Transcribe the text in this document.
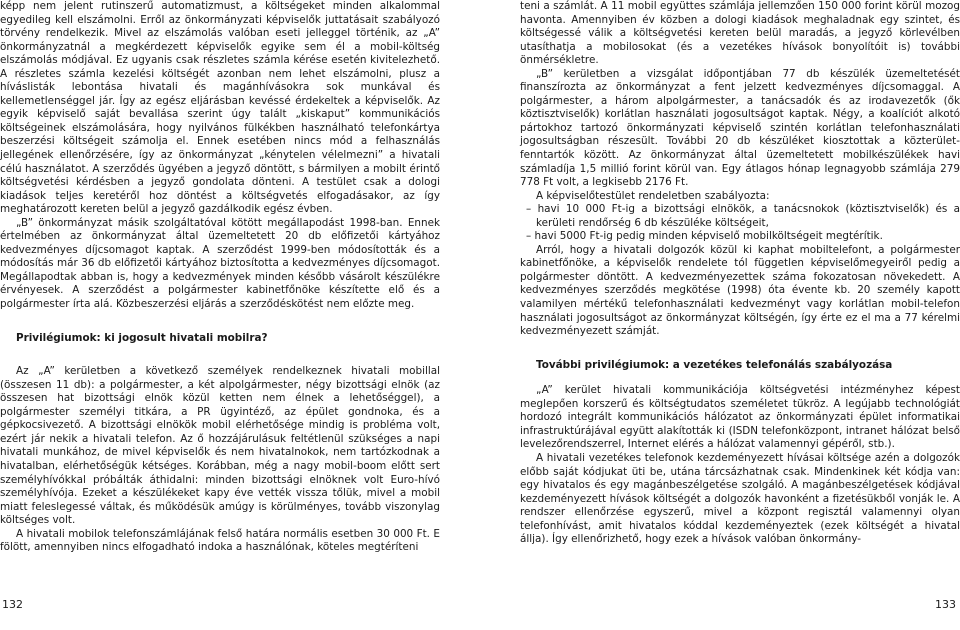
képp nem jelent rutinszerű automatizmust, a költségeket minden alkalommal egyedileg kell elszámolni. Erről az önkormányzati képviselők juttatásait szabályozó törvény rendelkezik. Mivel az elszámolás valóban eseti jelleggel történik, az „A” önkormányzatnál a megkérdezett képviselők egyike sem él a mobil-költség elszámolás módjával. Ez ugyanis csak részletes számla kérése esetén kivitelezhető. A részletes számla kezelési költségét azonban nem lehet elszámolni, plusz a híváslisták lebontása hivatali és magánhívásokra sok munkával és kellemetlenséggel jár. Így az egész eljárásban kevéssé érdekeltek a képviselők. Az egyik képviselő saját bevallása szerint úgy talált „kiskaput” kommunikációs költségeinek elszámolására, hogy nyilvános fülkékben használható telefonkártya beszerzési költségeit számolja el. Ennek esetében nincs mód a felhasználás jellegének ellenőrzésére, így az önkormányzat „kénytelen vélelmezni” a hivatali célú használatot. A szerződés ügyében a jegyző döntött, s bármilyen a mobilt érintő költségvetési kérdésben a jegyző gondolata dönteni. A testület csak a dologi kiadások teljes keretéről hoz döntést a költségvetés elfogadásakor, az így meghatározott kereten belül a jegyző gazdálkodik egész évben.

„B” önkormányzat másik szolgáltatóval kötött megállapodást 1998-ban. Ennek értelmében az önkormányzat által üzemeltetett 20 db előfizetői kártyához kedvezményes díjcsomagot kaptak. A szerződést 1999-ben módosították és a módosítás már 36 db előfizetői kártyához biztosította a kedvezményes díjcsomagot. Megállapodtak abban is, hogy a kedvezmények minden később vásárolt készülékre érvényesek. A szerződést a polgármester kabinetfőnöke készítette elő és a polgármester írta alá. Közbeszerzési eljárás a szerződéskötést nem előzte meg.

Privilégiumok: ki jogosult hivatali mobilra?

Az „A” kerületben a következő személyek rendelkeznek hivatali mobillal (összesen 11 db): a polgármester, a két alpolgármester, négy bizottsági elnök (az összesen hat bizottsági elnök közül ketten nem élnek a lehetőséggel), a polgármester személyi titkára, a PR ügyintéző, az épület gondnoka, és a gépkocsivezető. A bizottsági elnökök mobil elérhetősége mindig is probléma volt, ezért jár nekik a hivatali telefon. Az ő hozzájárulásuk feltétlenül szükséges a napi hivatali munkához, de mivel képviselők és nem hivatalnokok, nem tartózkodnak a hivatalban, elérhetőségük kétséges. Korábban, még a nagy mobil-boom előtt sert személyhívókkal próbálták áthidalni: minden bizottsági elnöknek volt Euro-hívó személyhívója. Ezeket a készülékeket kapy éve vették vissza tőlük, mivel a mobil miatt feleslegessé váltak, és működésük amúgy is körülményes, tovább viszonylag költséges volt.

A hivatali mobilok telefonszámlájának felső határa normális esetben 30 000 Ft. E fölött, amennyiben nincs elfogadható indoka a használónak, köteles megtéríteni

teni a számlát. A 11 mobil együttes számlája jellemzően 150 000 forint körül mozog havonta. Amennyiben év közben a dologi kiadások meghaladnak egy szintet, és költségessé válik a költségvetési kereten belül maradás, a jegyző körlevélben utasíthatja a mobilosokat (és a vezetékes hívások bonyolítóit is) további önmérsékletre.

„B” kerületben a vizsgálat időpontjában 77 db készülék üzemeltetését finanszírozta az önkormányzat a fent jelzett kedvezményes díjcsomaggal. A polgármester, a három alpolgármester, a tanácsadók és az irodavezetők (ők köztisztviselők) korlátlan használati jogosultságot kaptak. Négy, a koalíciót alkotó pártokhoz tartozó önkormányzati képviselő szintén korlátlan telefonhasználati jogosultságban részesült. További 20 db készüléket kiosztottak a közterület-fenntartók között. Az önkormányzat által üzemeltetett mobilkészülékek havi számladíja 1,5 millió forint körül van. Egy átlagos hónap legnagyobb számlája 279 778 Ft volt, a legkisebb 2176 Ft.

A képviselőtestület rendeletben szabályozta:

– havi 10 000 Ft-ig a bizottsági elnökök, a tanácsnokok (köztisztviselők) és a kerületi rendőrség 6 db készüléke költségeit,
– havi 5000 Ft-ig pedig minden képviselő mobilköltségeit megtérítik.

Arról, hogy a hivatali dolgozók közül ki kaphat mobiltelefont, a polgármester kabinetfőnöke, a képviselők rendelete tól független képviselőmegyeiről pedig a polgármester döntött. A kedvezményezettek száma fokozatosan növekedett. A kedvezményes szerződés megkötése (1998) óta évente kb. 20 személy kapott valamilyen mértékű telefonhasználati kedvezményt vagy korlátlan mobil-telefon használati jogosultságot az önkormányzat költségén, így érte ez el ma a 77 kérelmi kedvezményezett számját.

További privilégiumok: a vezetékes telefonálás szabályozása

„A” kerület hivatali kommunikációja költségvetési intézményhez képest meglepően korszerű és költségtudatos személetet tükröz. A legújabb technológiát hordozó integrált kommunikációs hálózatot az önkormányzati épület informatikai infrastruktúrájával együtt alakították ki (ISDN telefonközpont, intranet hálózat belső levelezőrendszerrel, Internet elérés a hálózat valamennyi gépéről, stb.).

A hivatali vezetékes telefonok kezdeményezett hívásai költsége azén a dolgozók előbb saját kódjukat üti be, utána tárcsázhatnak csak. Mindenkinek két kódja van: egy hivatalos és egy magánbeszélgetése szolgáló. A magánbeszélgetések kódjával kezdeményezett hívások költségét a dolgozók havonként a fizetésükből vonják le. A rendszer ellenőrzése egyszerű, mivel a központ regisztál valamennyi olyan telefonhívást, amit hivatalos kóddal kezdeményeztek (ezek költségét a hivatal állja). Így ellenőrizhető, hogy ezek a hívások valóban önkormány-

132	133
